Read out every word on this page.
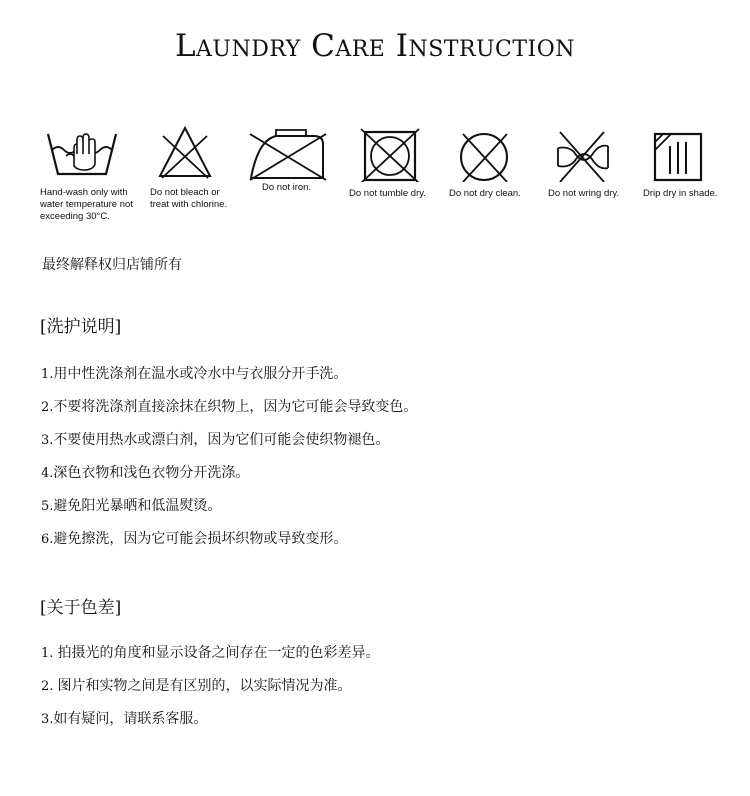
Laundry Care Instruction
Hand-wash only with
water temperature not
exceeding 30°C.
Do not bleach or
treat with chlorine.
Do not iron.
Do not tumble dry.	Do not dry clean.	Do not wring dry.	Drip dry in shade.
最终解释权归店铺所有
[洗护说明]
1.用中性洗涤剂在温水或冷水中与衣服分开手洗。
2.不要将洗涤剂直接涂抹在织物上，因为它可能会导致变色。
3.不要使用热水或漂白剂，因为它们可能会使织物褪色。
4.深色衣物和浅色衣物分开洗涤。
5.避免阳光暴晒和低温熨烫。
6.避免擦洗，因为它可能会损坏织物或导致变形。
[关于色差]
1. 拍摄光的角度和显示设备之间存在一定的色彩差异。
2. 图片和实物之间是有区别的，以实际情况为准。
3.如有疑问，请联系客服。
